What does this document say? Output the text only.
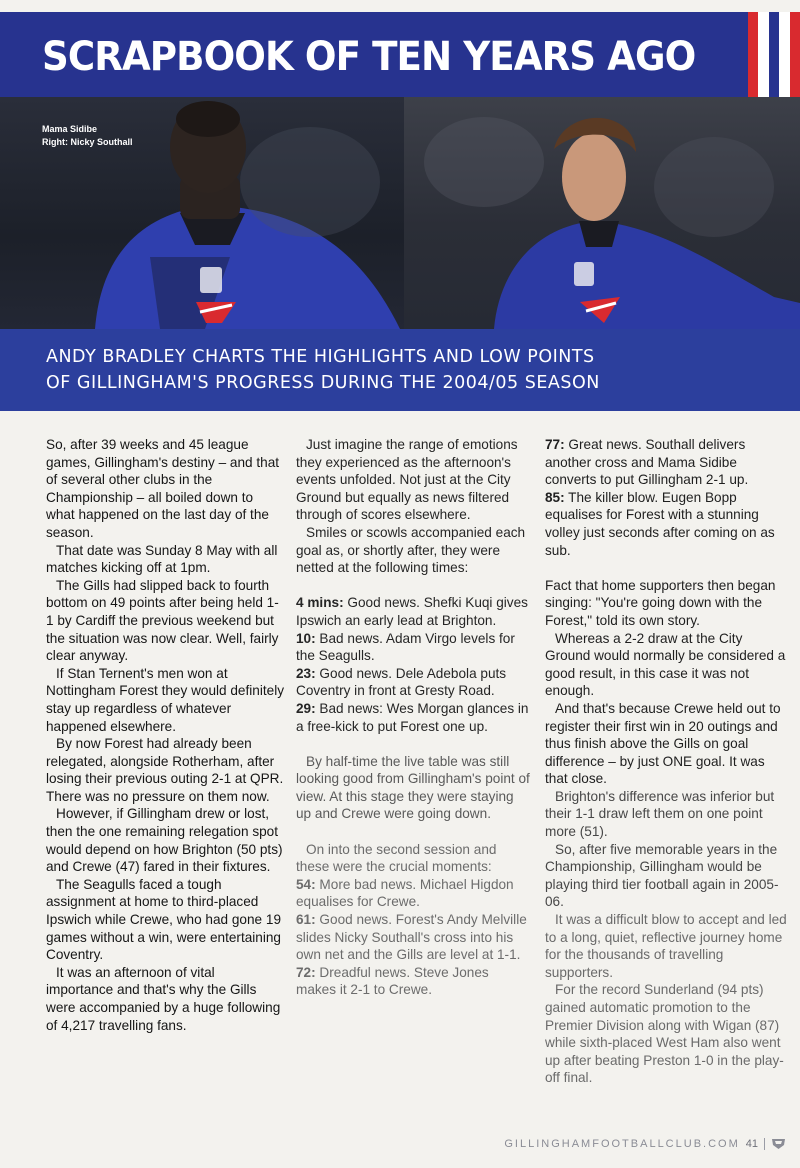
SCRAPBOOK OF TEN YEARS AGO
Mama Sidibe
Right: Nicky Southall
ANDY BRADLEY CHARTS THE HIGHLIGHTS AND LOW POINTS
OF GILLINGHAM'S PROGRESS DURING THE 2004/05 SEASON

So, after 39 weeks and 45 league games, Gillingham's destiny – and that of several other clubs in the Championship – all boiled down to what happened on the last day of the season.

That date was Sunday 8 May with all matches kicking off at 1pm.

The Gills had slipped back to fourth bottom on 49 points after being held 1-1 by Cardiff the previous weekend but the situation was now clear. Well, fairly clear anyway.

If Stan Ternent's men won at Nottingham Forest they would definitely stay up regardless of whatever happened elsewhere.

By now Forest had already been relegated, alongside Rotherham, after losing their previous outing 2-1 at QPR. There was no pressure on them now.

However, if Gillingham drew or lost, then the one remaining relegation spot would depend on how Brighton (50 pts) and Crewe (47) fared in their fixtures.

The Seagulls faced a tough assignment at home to third-placed Ipswich while Crewe, who had gone 19 games without a win, were entertaining Coventry.

It was an afternoon of vital importance and that's why the Gills were accompanied by a huge following of 4,217 travelling fans.

Just imagine the range of emotions they experienced as the afternoon's events unfolded. Not just at the City Ground but equally as news filtered through of scores elsewhere.

Smiles or scowls accompanied each goal as, or shortly after, they were netted at the following times:

4 mins: Good news. Shefki Kuqi gives Ipswich an early lead at Brighton.

10: Bad news. Adam Virgo levels for the Seagulls.

23: Good news. Dele Adebola puts Coventry in front at Gresty Road.

29: Bad news: Wes Morgan glances in a free-kick to put Forest one up.

By half-time the live table was still looking good from Gillingham's point of view. At this stage they were staying up and Crewe were going down.

On into the second session and these were the crucial moments:

54: More bad news. Michael Higdon equalises for Crewe.

61: Good news. Forest's Andy Melville slides Nicky Southall's cross into his own net and the Gills are level at 1-1.

72: Dreadful news. Steve Jones makes it 2-1 to Crewe.

77: Great news. Southall delivers another cross and Mama Sidibe converts to put Gillingham 2-1 up.

85: The killer blow. Eugen Bopp equalises for Forest with a stunning volley just seconds after coming on as sub.

Fact that home supporters then began singing: "You're going down with the Forest," told its own story.

Whereas a 2-2 draw at the City Ground would normally be considered a good result, in this case it was not enough.

And that's because Crewe held out to register their first win in 20 outings and thus finish above the Gills on goal difference – by just ONE goal. It was that close.

Brighton's difference was inferior but their 1-1 draw left them on one point more (51).

So, after five memorable years in the Championship, Gillingham would be playing third tier football again in 2005-06.

It was a difficult blow to accept and led to a long, quiet, reflective journey home for the thousands of travelling supporters.

For the record Sunderland (94 pts) gained automatic promotion to the Premier Division along with Wigan (87) while sixth-placed West Ham also went up after beating Preston 1-0 in the play-off final.

GILLINGHAMFOOTBALLCLUB.COM 41
